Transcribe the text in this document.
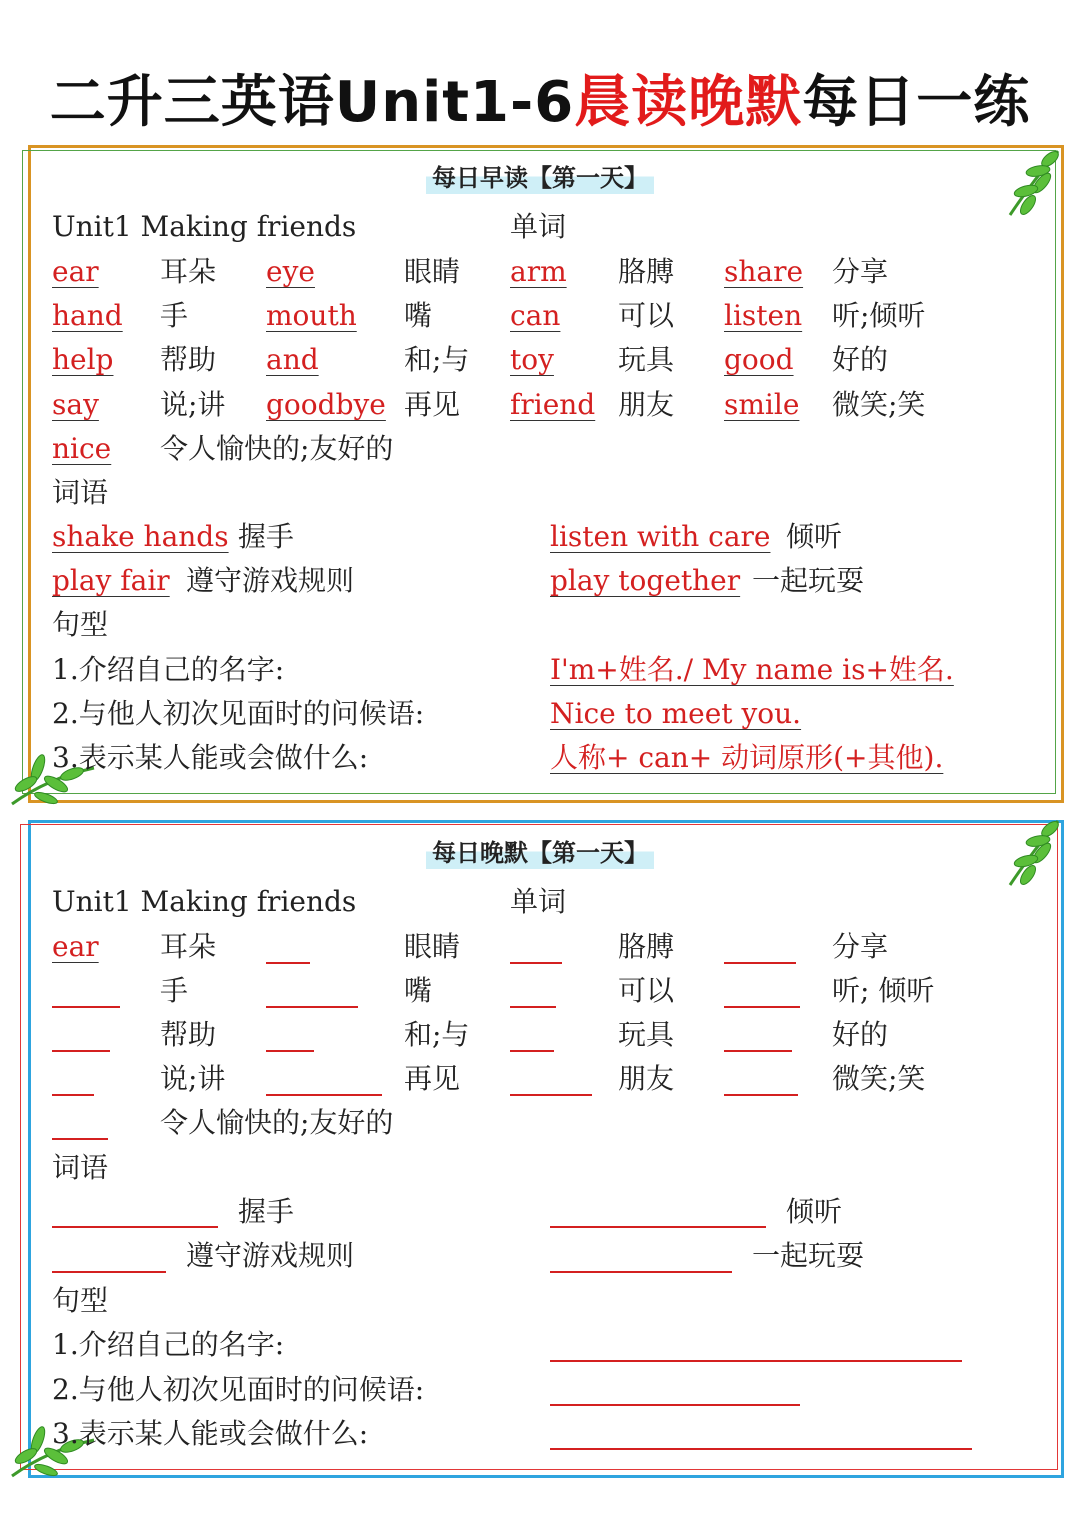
二升三英语Unit1-6晨读晚默每日一练
每日早读【第一天】
Unit1 Making friends	单词
ear 耳朵 eye	眼睛 arm 胳膊 share 分享
hand 手	mouth 嘴	can 可以 listen 听;倾听
help 帮助 and	和;与 toy 玩具 good 好的
say 说;讲 goodbye 再见 friend 朋友 smile 微笑;笑
nice 令人愉快的;友好的
词语
shake hands 握手	listen with care 倾听
play fair 遵守游戏规则	play together 一起玩耍
句型
1.介绍自己的名字:	I'm+姓名./ My name is+姓名.
2.与他人初次见面时的问候语:	Nice to meet you.
3.表示某人能或会做什么:	人称+ can+ 动词原形(+其他).
每日晚默【第一天】
Unit1 Making friends	单词
ear 耳朵	眼睛	胳膊	分享
手	嘴	可以	听; 倾听
帮助	和;与	玩具	好的
说;讲	再见	朋友	微笑;笑
令人愉快的;友好的
词语
握手	倾听
遵守游戏规则	一起玩耍
句型
1.介绍自己的名字:
2.与他人初次见面时的问候语:
3.表示某人能或会做什么:
